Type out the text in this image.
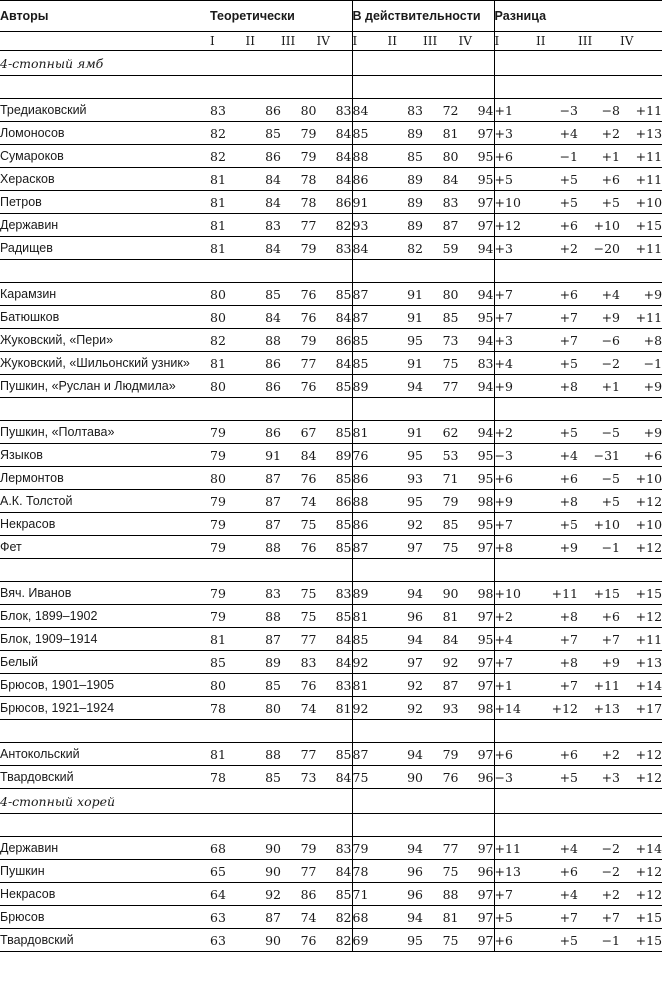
Авторы	Теоретически				В действительности				Разница			
	I	II	III	IV	I	II	III	IV	I	II	III	IV
4-стопный ямб												

Тредиаковский	83	86	80	83	84	83	72	94	+1	−3	−8	+11
Ломоносов	82	85	79	84	85	89	81	97	+3	+4	+2	+13
Сумароков	82	86	79	84	88	85	80	95	+6	−1	+1	+11
Херасков	81	84	78	84	86	89	84	95	+5	+5	+6	+11
Петров	81	84	78	86	91	89	83	97	+10	+5	+5	+10
Державин	81	83	77	82	93	89	87	97	+12	+6	+10	+15
Радищев	81	84	79	83	84	82	59	94	+3	+2	−20	+11

Карамзин	80	85	76	85	87	91	80	94	+7	+6	+4	+9
Батюшков	80	84	76	84	87	91	85	95	+7	+7	+9	+11
Жуковский, «Пери»	82	88	79	86	85	95	73	94	+3	+7	−6	+8
Жуковский, «Шильонский узник»	81	86	77	84	85	91	75	83	+4	+5	−2	−1
Пушкин, «Руслан и Людмила»	80	86	76	85	89	94	77	94	+9	+8	+1	+9

Пушкин, «Полтава»	79	86	67	85	81	91	62	94	+2	+5	−5	+9
Языков	79	91	84	89	76	95	53	95	−3	+4	−31	+6
Лермонтов	80	87	76	85	86	93	71	95	+6	+6	−5	+10
А.К. Толстой	79	87	74	86	88	95	79	98	+9	+8	+5	+12
Некрасов	79	87	75	85	86	92	85	95	+7	+5	+10	+10
Фет	79	88	76	85	87	97	75	97	+8	+9	−1	+12

Вяч. Иванов	79	83	75	83	89	94	90	98	+10	+11	+15	+15
Блок, 1899–1902	79	88	75	85	81	96	81	97	+2	+8	+6	+12
Блок, 1909–1914	81	87	77	84	85	94	84	95	+4	+7	+7	+11
Белый	85	89	83	84	92	97	92	97	+7	+8	+9	+13
Брюсов, 1901–1905	80	85	76	83	81	92	87	97	+1	+7	+11	+14
Брюсов, 1921–1924	78	80	74	81	92	92	93	98	+14	+12	+13	+17

Антокольский	81	88	77	85	87	94	79	97	+6	+6	+2	+12
Твардовский	78	85	73	84	75	90	76	96	−3	+5	+3	+12
4-стопный хорей												

Державин	68	90	79	83	79	94	77	97	+11	+4	−2	+14
Пушкин	65	90	77	84	78	96	75	96	+13	+6	−2	+12
Некрасов	64	92	86	85	71	96	88	97	+7	+4	+2	+12
Брюсов	63	87	74	82	68	94	81	97	+5	+7	+7	+15
Твардовский	63	90	76	82	69	95	75	97	+6	+5	−1	+15
